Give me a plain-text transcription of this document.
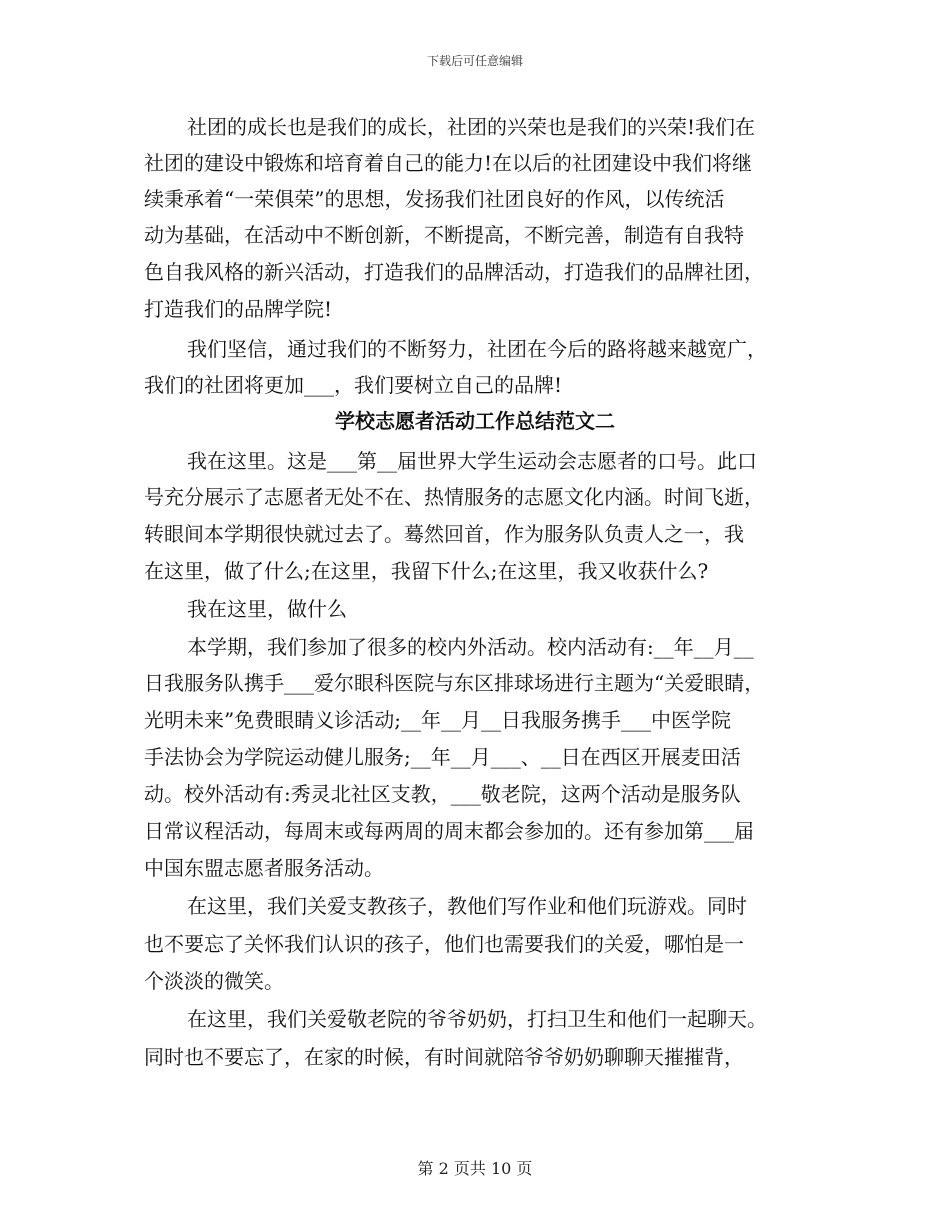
下载后可任意编辑
社团的成长也是我们的成长，社团的兴荣也是我们的兴荣!我们在
社团的建设中锻炼和培育着自己的能力!在以后的社团建设中我们将继
续秉承着“一荣俱荣”的思想，发扬我们社团良好的作风，以传统活
动为基础，在活动中不断创新，不断提高，不断完善，制造有自我特
色自我风格的新兴活动，打造我们的品牌活动，打造我们的品牌社团，
打造我们的品牌学院!
我们坚信，通过我们的不断努力，社团在今后的路将越来越宽广，
我们的社团将更加___，我们要树立自己的品牌!
学校志愿者活动工作总结范文二
我在这里。这是___第__届世界大学生运动会志愿者的口号。此口
号充分展示了志愿者无处不在、热情服务的志愿文化内涵。时间飞逝，
转眼间本学期很快就过去了。蓦然回首，作为服务队负责人之一，我
在这里，做了什么;在这里，我留下什么;在这里，我又收获什么?
我在这里，做什么
本学期，我们参加了很多的校内外活动。校内活动有:__年__月__
日我服务队携手___爱尔眼科医院与东区排球场进行主题为“关爱眼睛，
光明未来”免费眼睛义诊活动;__年__月__日我服务携手___中医学院
手法协会为学院运动健儿服务;__年__月___、__日在西区开展麦田活
动。校外活动有:秀灵北社区支教，___敬老院，这两个活动是服务队
日常议程活动，每周末或每两周的周末都会参加的。还有参加第___届
中国东盟志愿者服务活动。
在这里，我们关爱支教孩子，教他们写作业和他们玩游戏。同时
也不要忘了关怀我们认识的孩子，他们也需要我们的关爱，哪怕是一
个淡淡的微笑。
在这里，我们关爱敬老院的爷爷奶奶，打扫卫生和他们一起聊天。
同时也不要忘了，在家的时候，有时间就陪爷爷奶奶聊聊天摧摧背，
第 2 页共 10 页
